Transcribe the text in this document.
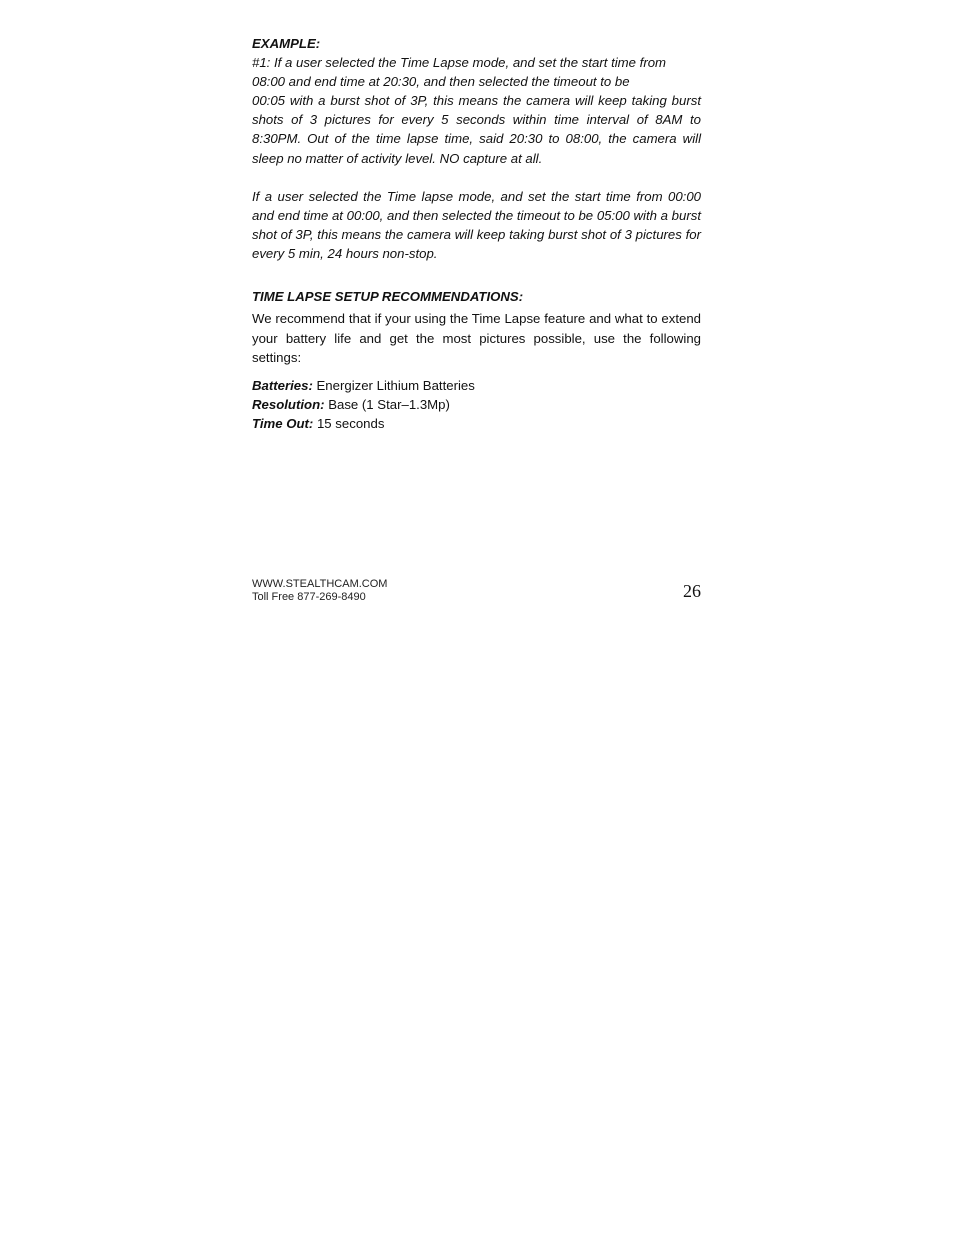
EXAMPLE:

#1: If a user selected the Time Lapse mode, and set the start time from

08:00 and end time at 20:30, and then selected the timeout to be

00:05 with a burst shot of 3P, this means the camera will keep taking burst shots of 3 pictures for every 5 seconds within time interval of 8AM to 8:30PM. Out of the time lapse time, said 20:30 to 08:00, the camera will sleep no matter of activity level. NO capture at all.

If a user selected the Time lapse mode, and set the start time from 00:00 and end time at 00:00, and then selected the timeout to be 05:00 with a burst shot of 3P, this means the camera will keep taking burst shot of 3 pictures for every 5 min, 24 hours non-stop.

TIME LAPSE SETUP RECOMMENDATIONS:

We recommend that if your using the Time Lapse feature and what to extend your battery life and get the most pictures possible, use the following settings:

Batteries: Energizer Lithium Batteries

Resolution: Base (1 Star–1.3Mp)

Time Out: 15 seconds

WWW.STEALTHCAM.COM
Toll Free 877-269-8490	26
